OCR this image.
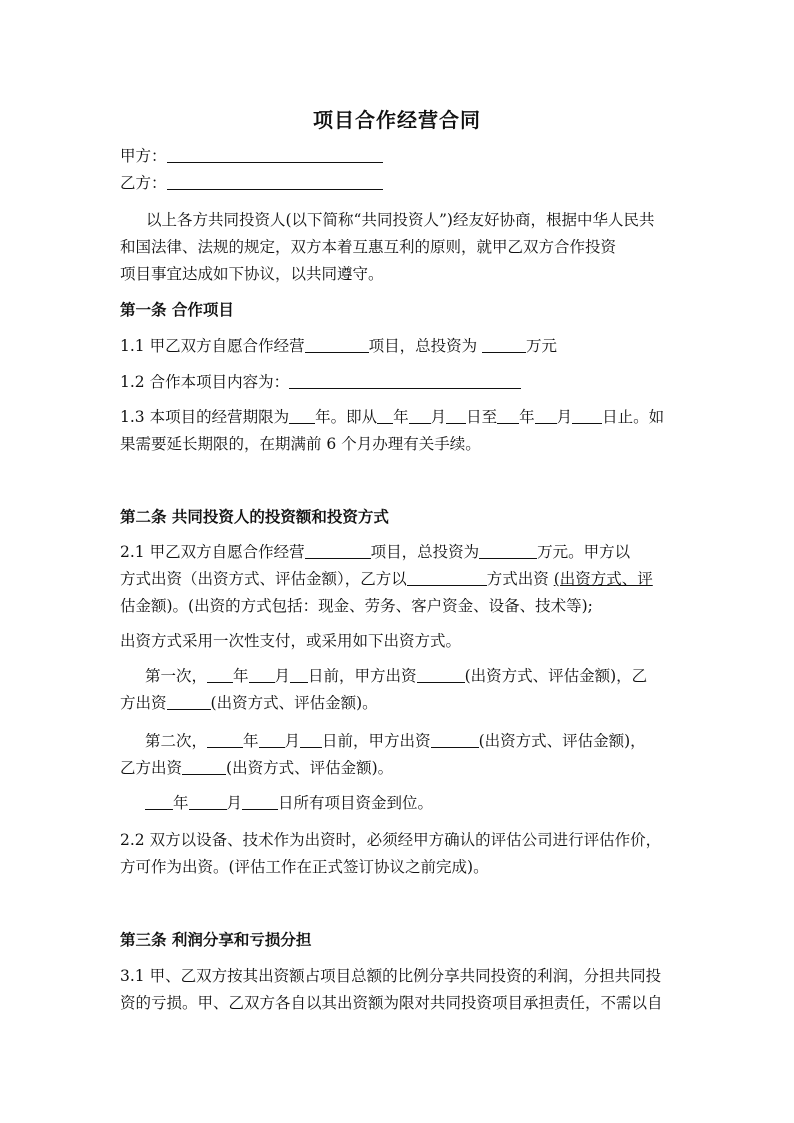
项目合作经营合同
甲方：
乙方：
以上各方共同投资人(以下简称“共同投资人”)经友好协商，根据中华人民共
和国法律、法规的规定，双方本着互惠互利的原则，就甲乙双方合作投资
项目事宜达成如下协议，以共同遵守。
第一条 合作项目
1.1 甲乙双方自愿合作经营	项目，总投资为	万元
1.2 合作本项目内容为：
1.3 本项目的经营期限为 年。即从 年 月 日至 年 月 日止。如
果需要延长期限的，在期满前 6 个月办理有关手续。
第二条 共同投资人的投资额和投资方式
2.1 甲乙双方自愿合作经营	项目，总投资为	万元。甲方以
方式出资（出资方式、评估金额），乙方以	方式出资 (出资方式、评
估金额)。(出资的方式包括：现金、劳务、客户资金、设备、技术等);
出资方式采用一次性支付，或采用如下出资方式。
第一次， 年 月 日前，甲方出资	(出资方式、评估金额)，乙
方出资	(出资方式、评估金额)。
第二次， 年 月 日前，甲方出资	(出资方式、评估金额)，
乙方出资	(出资方式、评估金额)。
年 月 日所有项目资金到位。
2.2 双方以设备、技术作为出资时，必须经甲方确认的评估公司进行评估作价，
方可作为出资。(评估工作在正式签订协议之前完成)。
第三条 利润分享和亏损分担
3.1 甲、乙双方按其出资额占项目总额的比例分享共同投资的利润，分担共同投
资的亏损。甲、乙双方各自以其出资额为限对共同投资项目承担责任，不需以自
